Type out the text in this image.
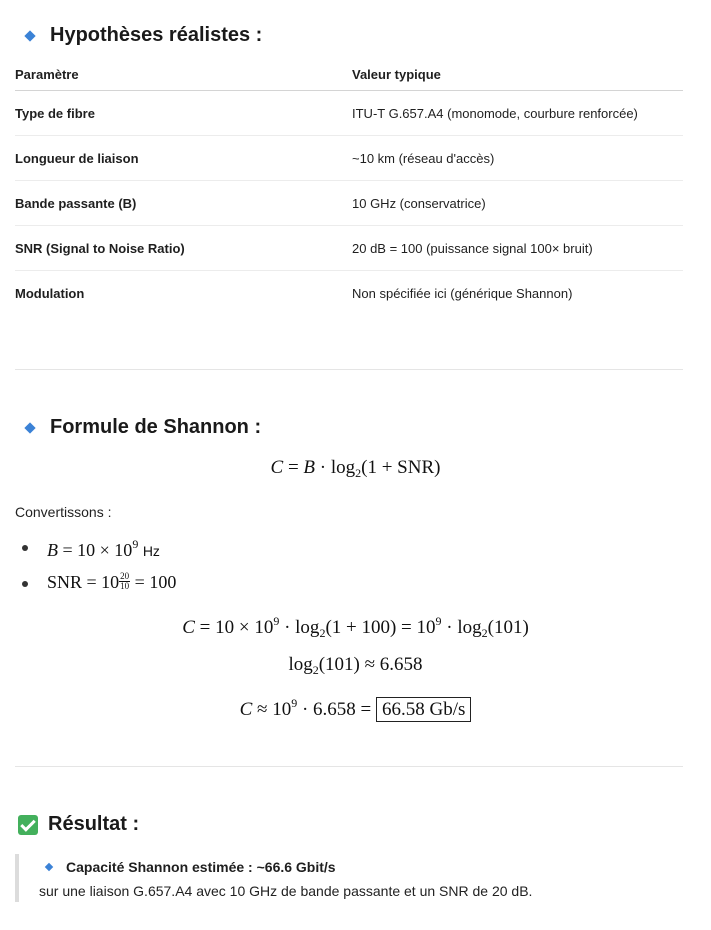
Hypothèses réalistes :
Paramètre	Valeur typique
Type de fibre	ITU-T G.657.A4 (monomode, courbure renforcée)
Longueur de liaison	~10 km (réseau d'accès)
Bande passante (B)	10 GHz (conservatrice)
SNR (Signal to Noise Ratio)	20 dB = 100 (puissance signal 100× bruit)
Modulation	Non spécifiée ici (générique Shannon)
Formule de Shannon :
$C = B \cdot \log_2(1 + SNR)$
Convertissons :
$B = 10 \times 10^9$ Hz
SNR = $10 \frac{20}{10} = 100$
$C = 10 \times 10^9 \cdot \log_2(1 + 100) = 10^9 \cdot \log_2(101)$
$\log_2(101) \approx 6.658$
$C \approx 10^9 \cdot 6.658 = 66.58$ Gb/s
Résultat :
Capacité Shannon estimée : ~66.6 Gbit/s
sur une liaison G.657.A4 avec 10 GHz de bande passante et un SNR de 20 dB.
